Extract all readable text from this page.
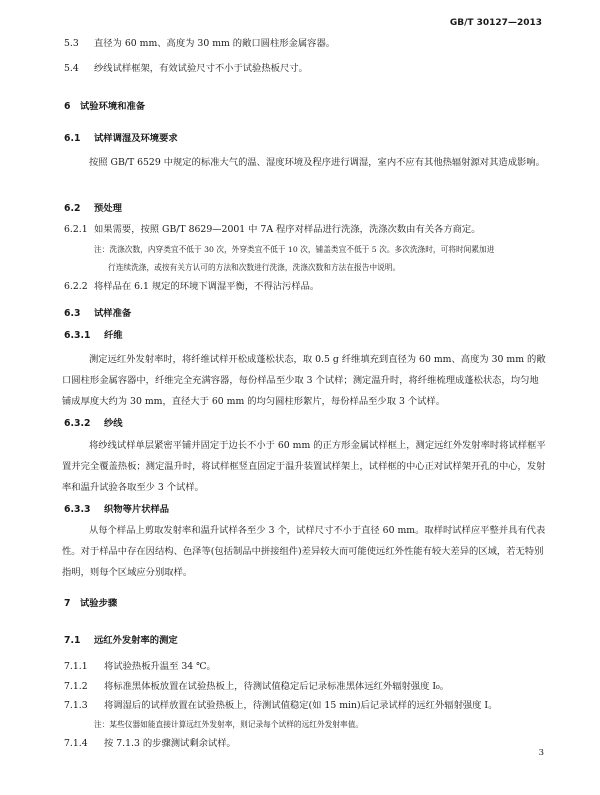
GB/T 30127—2013
5.3 直径为 60 mm、高度为 30 mm 的敞口圆柱形金属容器。
5.4 纱线试样框架，有效试验尺寸不小于试验热板尺寸。
6 试验环境和准备
6.1 试样调湿及环境要求
按照 GB/T 6529 中规定的标准大气的温、湿度环境及程序进行调湿，室内不应有其他热辐射源对其造成影响。
6.2 预处理
6.2.1 如果需要，按照 GB/T 8629—2001 中 7A 程序对样品进行洗涤，洗涤次数由有关各方商定。
注：洗涤次数，内穿类宜不低于 30 次，外穿类宜不低于 10 次，铺盖类宜不低于 5 次。多次洗涤时，可将时间累加进
行连续洗涤，或按有关方认可的方法和次数进行洗涤，洗涤次数和方法在报告中说明。
6.2.2 将样品在 6.1 规定的环境下调湿平衡，不得沾污样品。
6.3 试样准备
6.3.1 纤维
测定远红外发射率时，将纤维试样开松成蓬松状态，取 0.5 g 纤维填充到直径为 60 mm、高度为 30 mm 的敞口圆柱形金属容器中，纤维完全充满容器，每份样品至少取 3 个试样；测定温升时，将纤维梳理成蓬松状态，均匀地铺成厚度大约为 30 mm，直径大于 60 mm 的均匀圆柱形絮片，每份样品至少取 3 个试样。
6.3.2 纱线
将纱线试样单层紧密平铺并固定于边长不小于 60 mm 的正方形金属试样框上，测定远红外发射率时将试样框平置并完全覆盖热板；测定温升时，将试样框竖直固定于温升装置试样架上，试样框的中心正对试样架开孔的中心，发射率和温升试验各取至少 3 个试样。
6.3.3 织物等片状样品
从每个样品上剪取发射率和温升试样各至少 3 个，试样尺寸不小于直径 60 mm。取样时试样应平整并具有代表性。对于样品中存在因结构、色泽等(包括制品中拼接组件)差异较大而可能使远红外性能有较大差异的区域，若无特别指明，则每个区域应分别取样。
7 试验步骤
7.1 远红外发射率的测定
7.1.1 将试验热板升温至 34 ℃。
7.1.2 将标准黑体板放置在试验热板上，待测试值稳定后记录标准黑体远红外辐射强度 I₀。
7.1.3 将调湿后的试样放置在试验热板上，待测试值稳定(如 15 min)后记录试样的远红外辐射强度 I。
注：某些仪器如能直接计算远红外发射率，则记录每个试样的远红外发射率值。
7.1.4 按 7.1.3 的步骤测试剩余试样。
3
